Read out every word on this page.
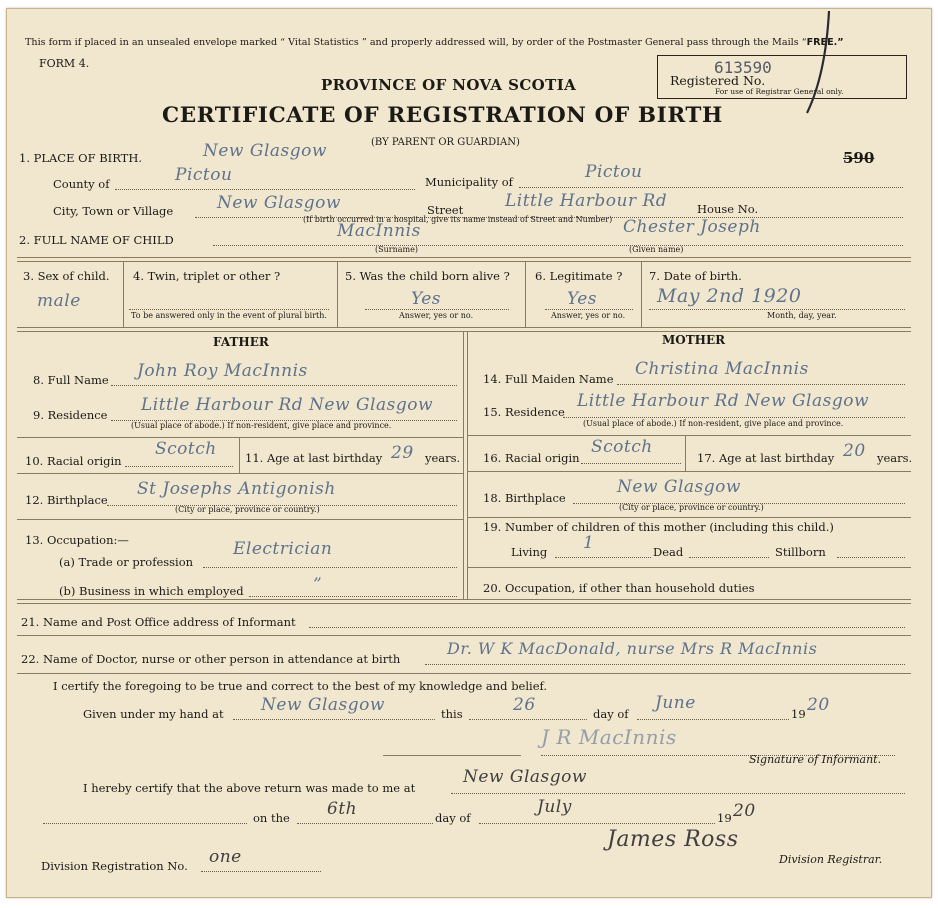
This form if placed in an unsealed envelope marked “ Vital Statistics ” and properly addressed will, by order of the Postmaster General pass through the Mails “FREE.”
FORM 4.	613590
Registered No.
For use of Registrar General only.
PROVINCE OF NOVA SCOTIA
CERTIFICATE OF REGISTRATION OF BIRTH
(BY PARENT OR GUARDIAN)
590
1. PLACE OF BIRTH.	New Glasgow
County of	Pictou	Municipality of	Pictou
City, Town or Village	New Glasgow	Street Little Harbour Rd	House No.
(If birth occurred in a hospital, give its name instead of Street and Number)
2. FULL NAME OF CHILD	MacInnis	Chester Joseph
(Surname)	(Given name)
3. Sex of child.
male
4. Twin, triplet or other ?
To be answered only in the event of plural birth.
5. Was the child born alive ?
Yes
Answer, yes or no.
6. Legitimate ?
Yes
Answer, yes or no.
7. Date of birth.
May 2nd 1920
Month, day, year.
FATHER	MOTHER
8. Full Name John Roy MacInnis
9. Residence Little Harbour Rd New Glasgow
(Usual place of abode.) If non-resident, give place and province.
10. Racial origin
Scotch 11. Age at last birthday 29 years.
12. Birthplace
St Josephs Antigonish
(City or place, province or country.)
13. Occupation:—
(a) Trade or profession
Electrician
(b) Business in which employed	”
14. Full Maiden Name Christina MacInnis
15. Residence
Little Harbour Rd New Glasgow
(Usual place of abode.) If non-resident, give place and province.
16. Racial origin
Scotch
17. Age at last birthday 20 years.
18. Birthplace
New Glasgow
(City or place, province or country.)
19. Number of children of this mother (including this child.)
Living 1	Dead	Stillborn
20. Occupation, if other than household duties
21. Name and Post Office address of Informant
22. Name of Doctor, nurse or other person in attendance at birth
Dr. W K MacDonald, nurse Mrs R MacInnis
I certify the foregoing to be true and correct to the best of my knowledge and belief.
Given under my hand at New Glasgow	this	26	day of
June
19 20
J R MacInnis
Signature of Informant.
I hereby certify that the above return was made to me at
New Glasgow
on the 6th	day of
July
19 20
James Ross
Division Registrar.
Division Registration No. one
